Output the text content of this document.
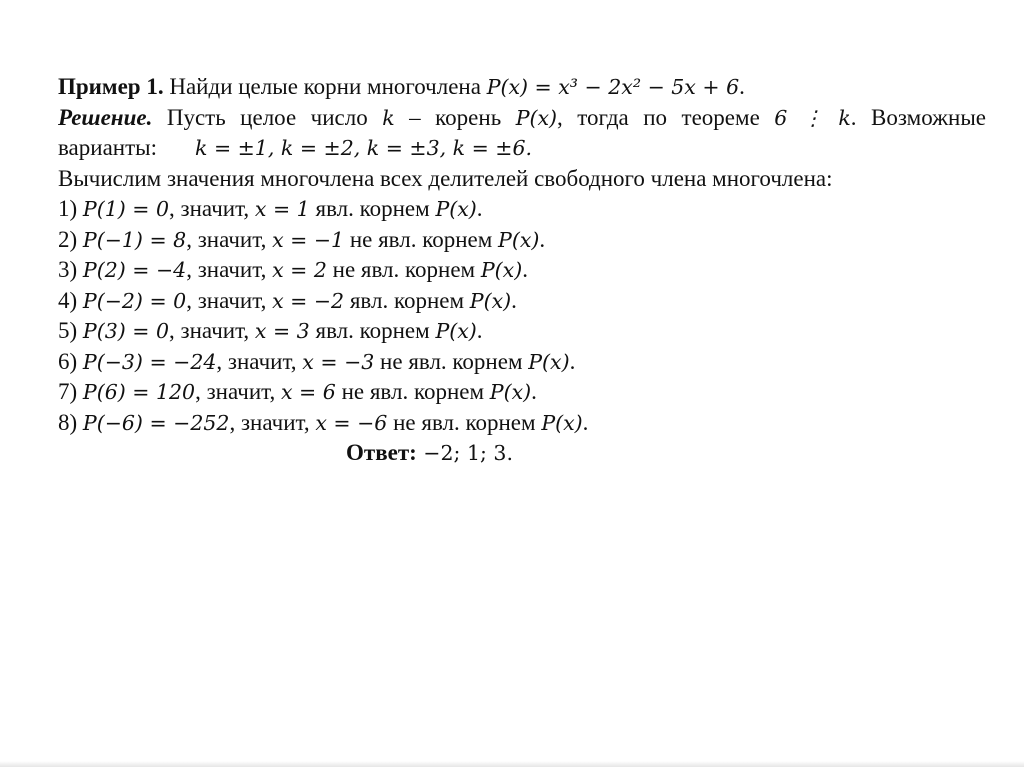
Пример 1. Найди целые корни многочлена P(x) = x³ − 2x² − 5x + 6.
Решение. Пусть целое число k – корень P(x), тогда по теореме 6 ⋮ k. Возможные
варианты: k = ±1, k = ±2, k = ±3, k = ±6.
Вычислим значения многочлена всех делителей свободного члена многочлена:
1) P(1) = 0, значит, x = 1 явл. корнем P(x).
2) P(−1) = 8, значит, x = −1 не явл. корнем P(x).
3) P(2) = −4, значит, x = 2 не явл. корнем P(x).
4) P(−2) = 0, значит, x = −2 явл. корнем P(x).
5) P(3) = 0, значит, x = 3 явл. корнем P(x).
6) P(−3) = −24, значит, x = −3 не явл. корнем P(x).
7) P(6) = 120, значит, x = 6 не явл. корнем P(x).
8) P(−6) = −252, значит, x = −6 не явл. корнем P(x).
Ответ: −2; 1; 3.
